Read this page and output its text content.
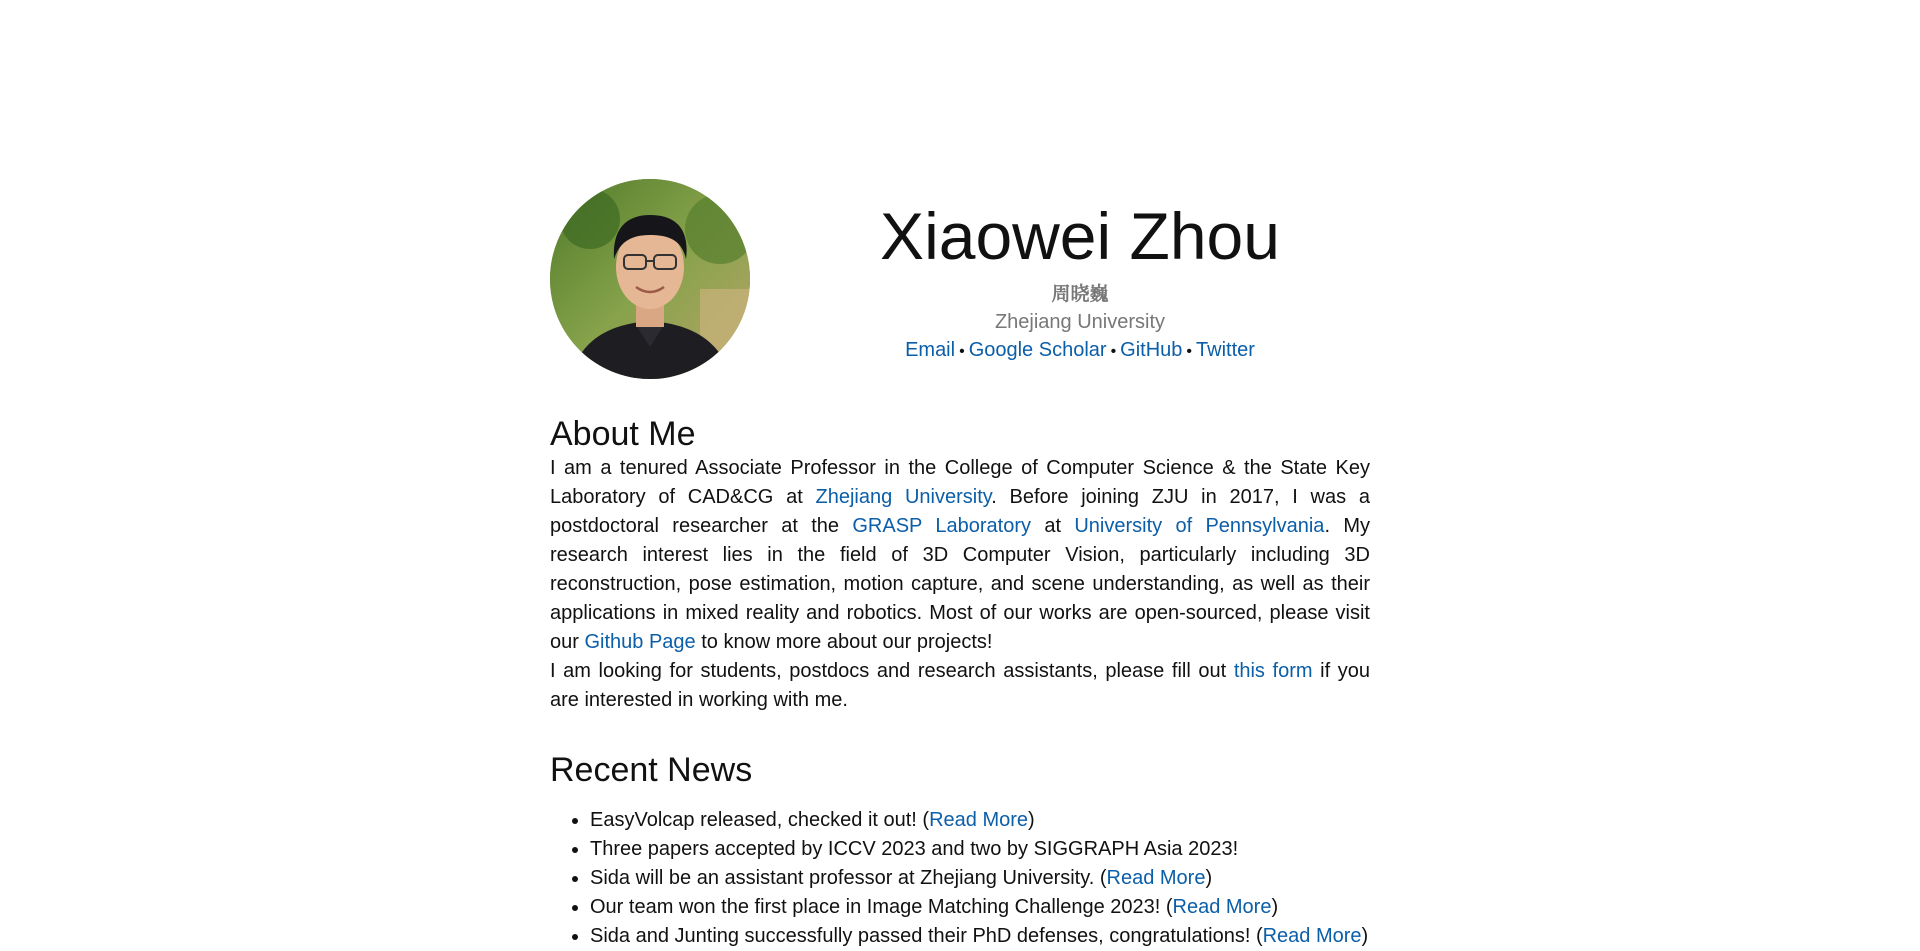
Xiaowei Zhou
周晓巍
Zhejiang University
Email • Google Scholar • GitHub • Twitter
About Me

I am a tenured Associate Professor in the College of Computer Science & the State Key Laboratory of CAD&CG at Zhejiang University. Before joining ZJU in 2017, I was a postdoctoral researcher at the GRASP Laboratory at University of Pennsylvania. My research interest lies in the field of 3D Computer Vision, particularly including 3D reconstruction, pose estimation, motion capture, and scene understanding, as well as their applications in mixed reality and robotics. Most of our works are open-sourced, please visit our Github Page to know more about our projects!

I am looking for students, postdocs and research assistants, please fill out this form if you are interested in working with me.

Recent News
• EasyVolcap released, checked it out! (Read More)
• Three papers accepted by ICCV 2023 and two by SIGGRAPH Asia 2023!
• Sida will be an assistant professor at Zhejiang University. (Read More)
• Our team won the first place in Image Matching Challenge 2023! (Read More)
• Sida and Junting successfully passed their PhD defenses, congratulations! (Read More)
